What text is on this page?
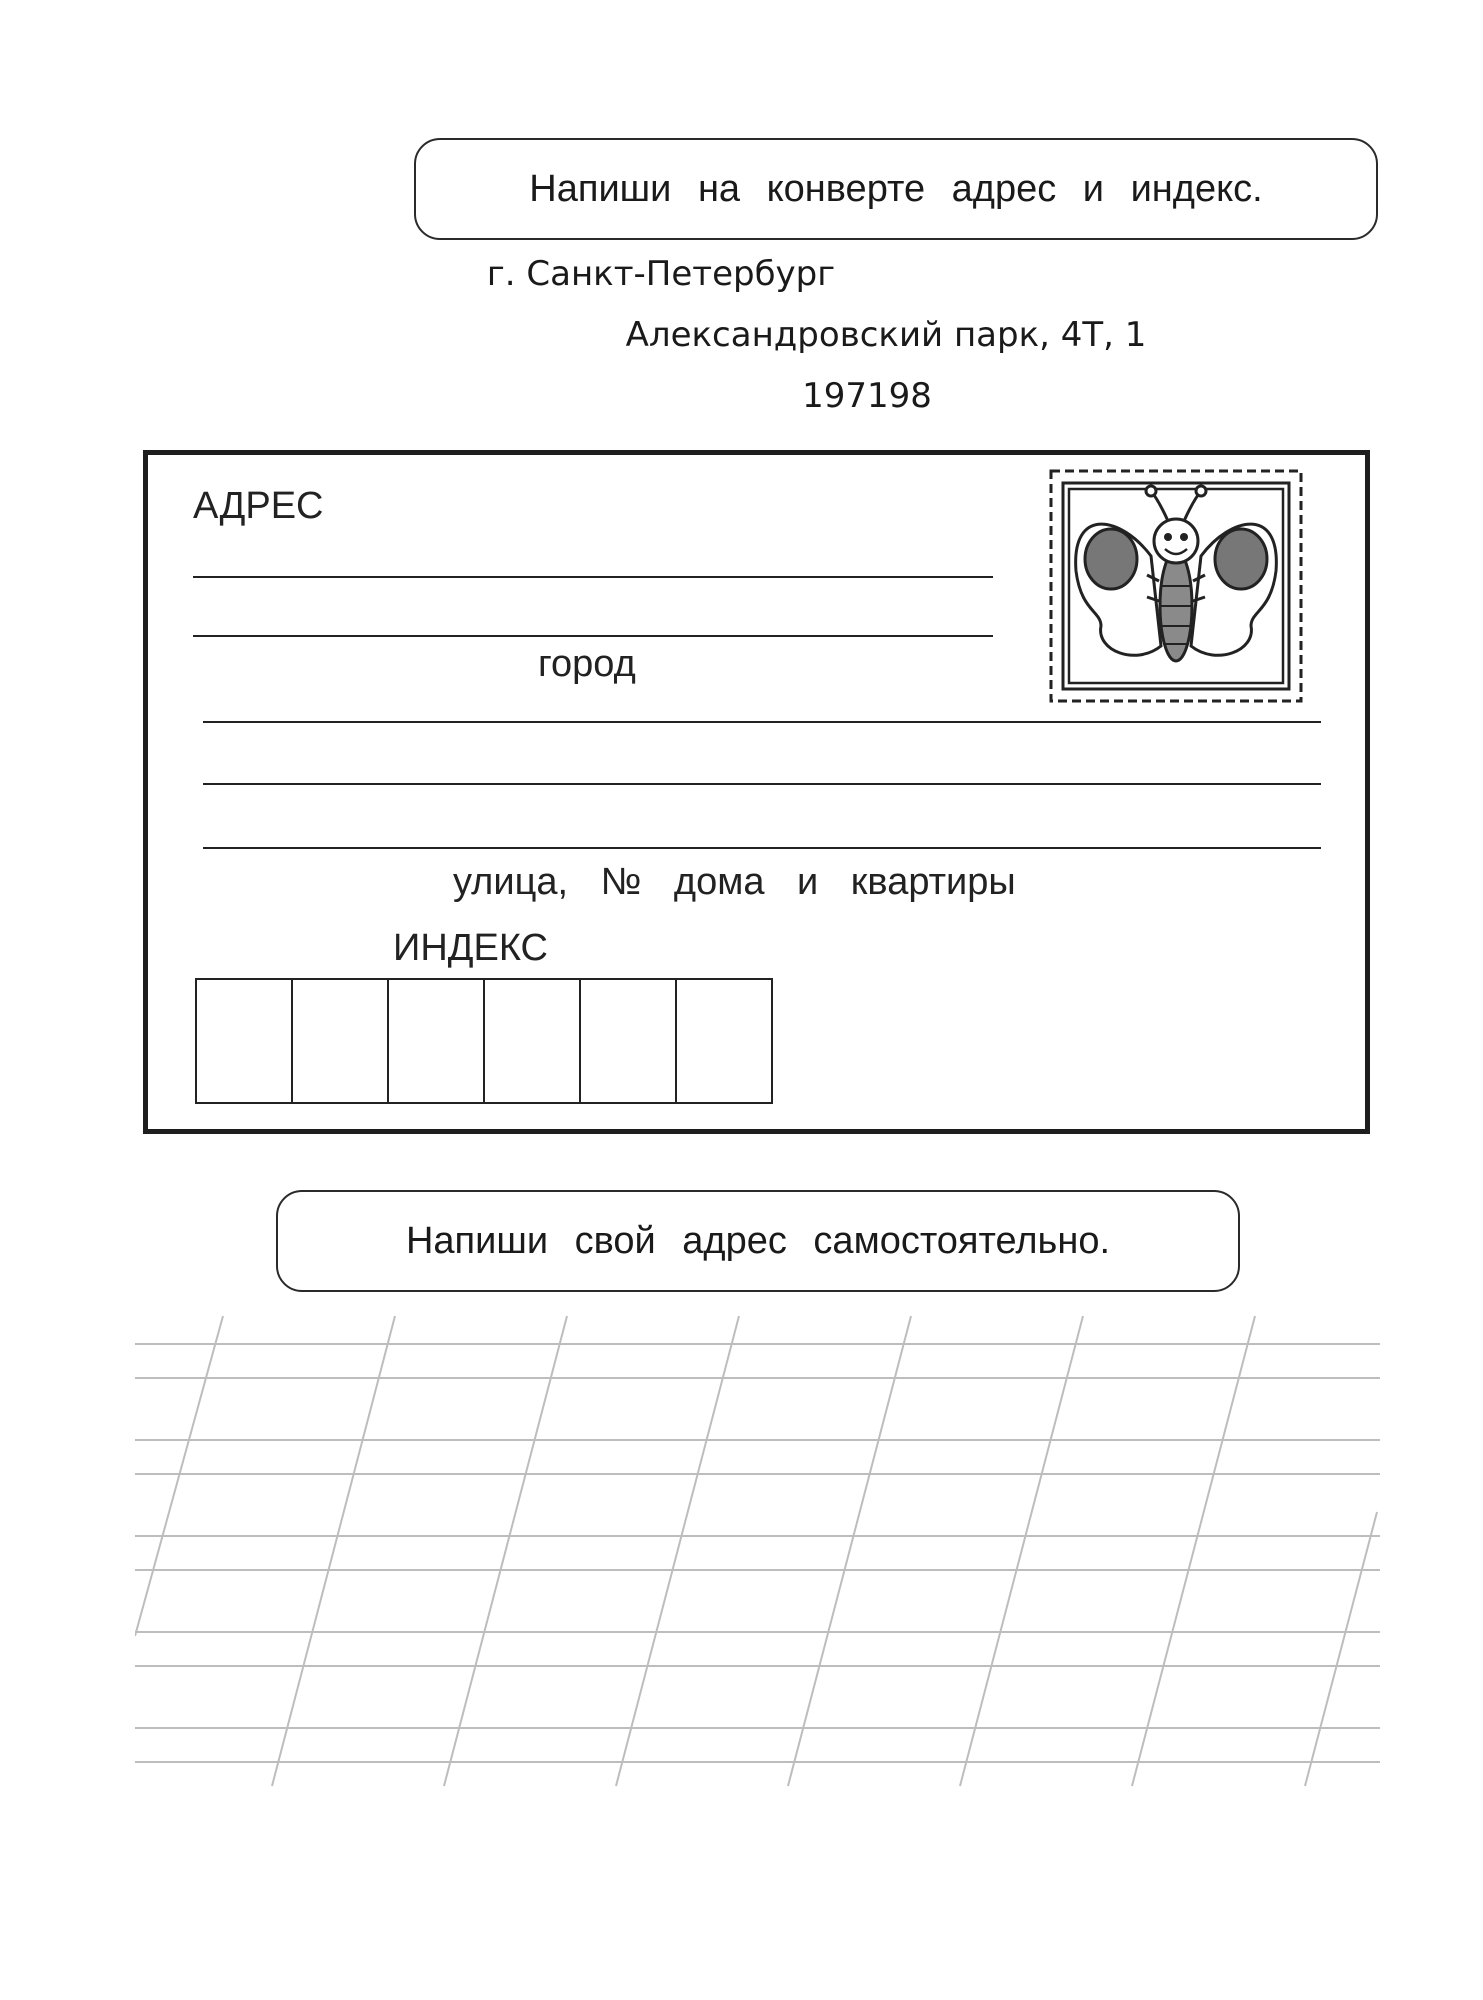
Напиши на конверте адрес и индекс.
г. Санкт-Петербург
Александровский парк, 4Т, 1
197198
АДРЕС
город
улица, № дома и квартиры
ИНДЕКС
Напиши свой адрес самостоятельно.
